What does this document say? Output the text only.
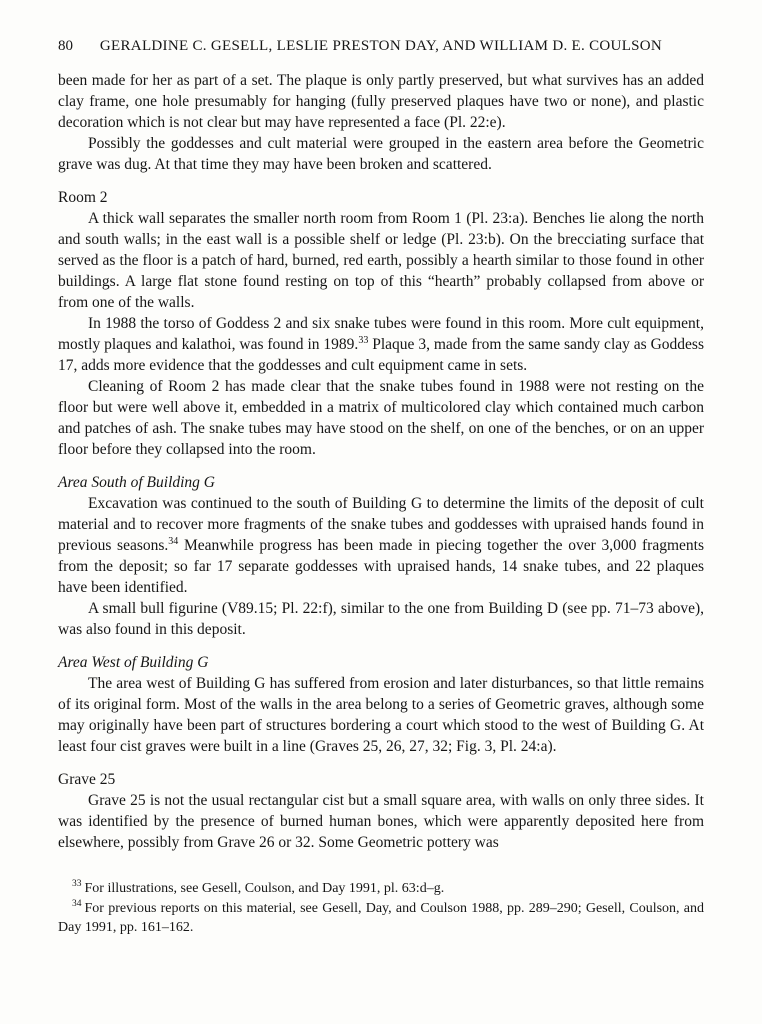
80	GERALDINE C. GESELL, LESLIE PRESTON DAY, AND WILLIAM D. E. COULSON

been made for her as part of a set. The plaque is only partly preserved, but what survives has an added clay frame, one hole presumably for hanging (fully preserved plaques have two or none), and plastic decoration which is not clear but may have represented a face (Pl. 22:e).

Possibly the goddesses and cult material were grouped in the eastern area before the Geometric grave was dug. At that time they may have been broken and scattered.

Room 2

A thick wall separates the smaller north room from Room 1 (Pl. 23:a). Benches lie along the north and south walls; in the east wall is a possible shelf or ledge (Pl. 23:b). On the brecciating surface that served as the floor is a patch of hard, burned, red earth, possibly a hearth similar to those found in other buildings. A large flat stone found resting on top of this “hearth” probably collapsed from above or from one of the walls.

In 1988 the torso of Goddess 2 and six snake tubes were found in this room. More cult equipment, mostly plaques and kalathoi, was found in 1989.33 Plaque 3, made from the same sandy clay as Goddess 17, adds more evidence that the goddesses and cult equipment came in sets.

Cleaning of Room 2 has made clear that the snake tubes found in 1988 were not resting on the floor but were well above it, embedded in a matrix of multicolored clay which contained much carbon and patches of ash. The snake tubes may have stood on the shelf, on one of the benches, or on an upper floor before they collapsed into the room.

Area South of Building G

Excavation was continued to the south of Building G to determine the limits of the deposit of cult material and to recover more fragments of the snake tubes and goddesses with upraised hands found in previous seasons.$^{34}$ Meanwhile progress has been made in piecing together the over 3,000 fragments from the deposit; so far 17 separate goddesses with upraised hands, 14 snake tubes, and 22 plaques have been identified.

A small bull figurine (V89.15; Pl. 22:f), similar to the one from Building D (see pp. 71–73 above), was also found in this deposit.

Area West of Building G

The area west of Building G has suffered from erosion and later disturbances, so that little remains of its original form. Most of the walls in the area belong to a series of Geometric graves, although some may originally have been part of structures bordering a court which stood to the west of Building G. At least four cist graves were built in a line (Graves 25, 26, 27, 32; Fig. 3, Pl. 24:a).

Grave 25

Grave 25 is not the usual rectangular cist but a small square area, with walls on only three sides. It was identified by the presence of burned human bones, which were apparently deposited here from elsewhere, possibly from Grave 26 or 32. Some Geometric pottery was

$^{33}$ For illustrations, see Gesell, Coulson, and Day 1991, pl. 63:d–g.

$^{34}$ For previous reports on this material, see Gesell, Day, and Coulson 1988, pp. 289–290; Gesell, Coulson, and Day 1991, pp. 161–162.
